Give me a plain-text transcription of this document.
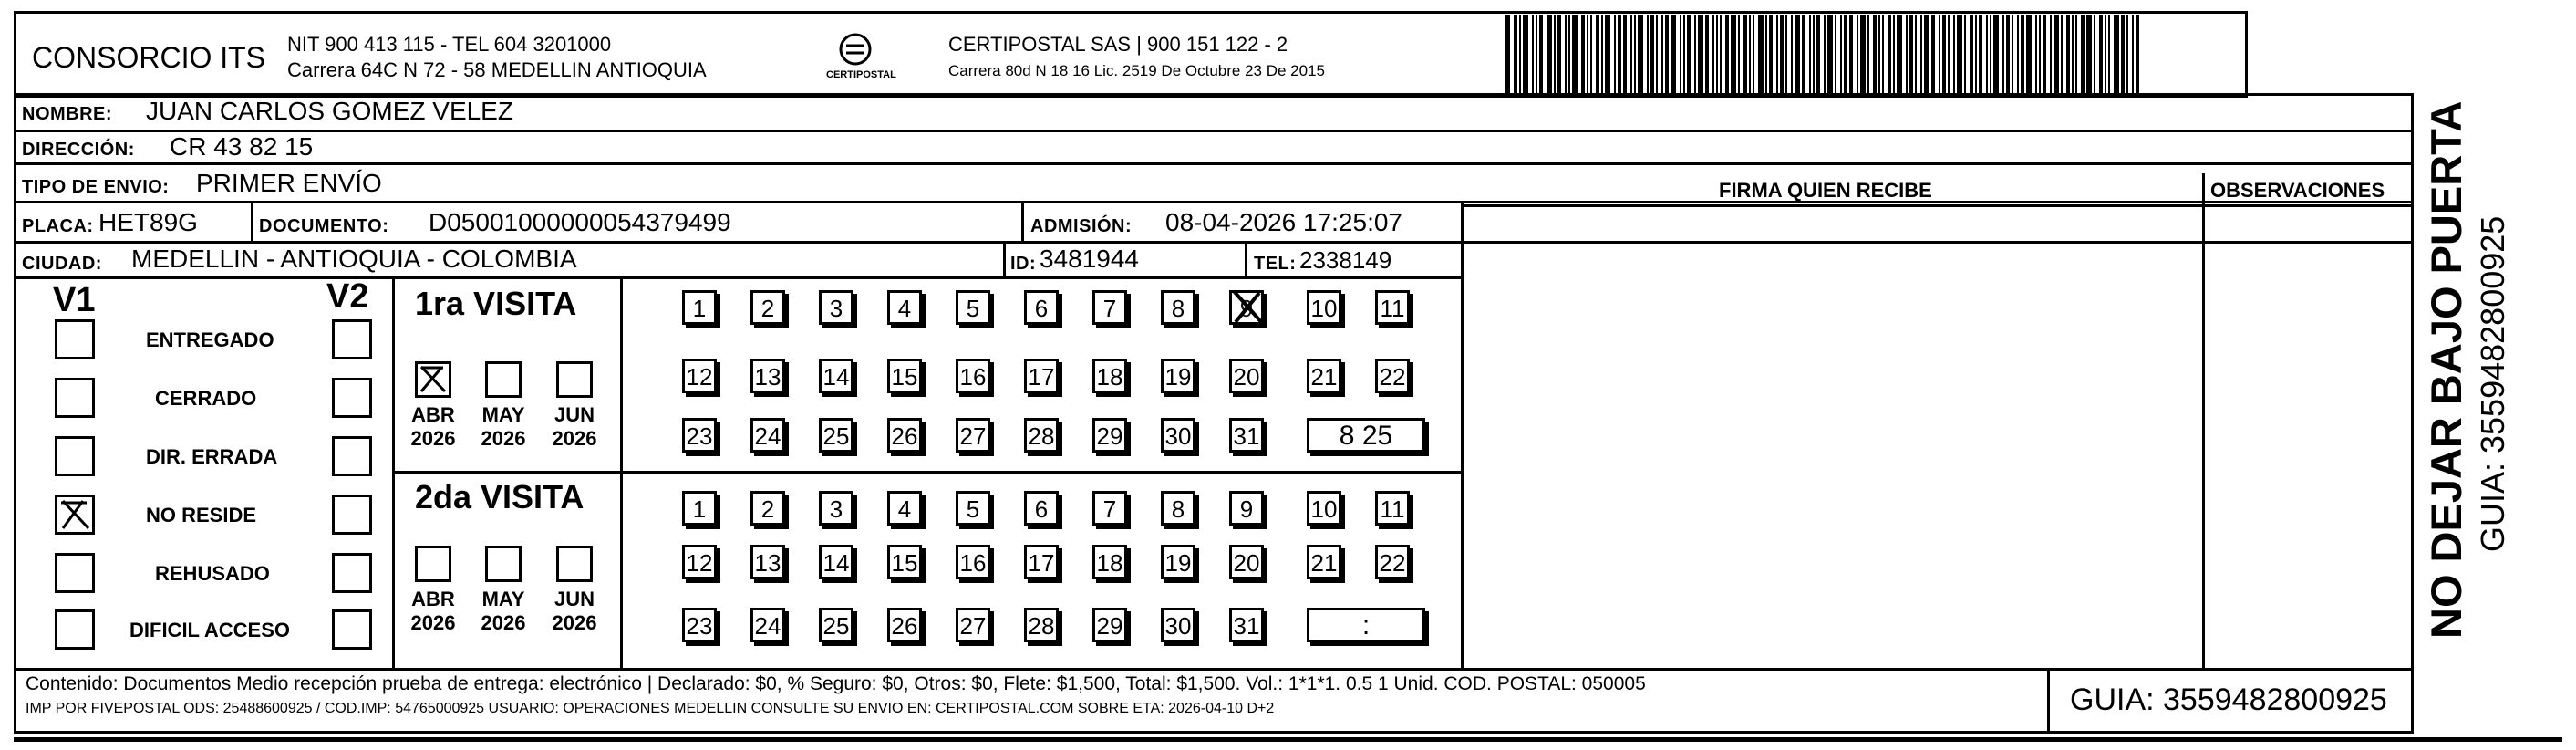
CONSORCIO ITS NIT 900 413 115 - TEL 604 3201000
Carrera 64C N 72 - 58 MEDELLIN ANTIOQUIA	CERTIPOSTAL
CERTIPOSTAL SAS | 900 151 122 - 2
Carrera 80d N 18 16 Lic. 2519 De Octubre 23 De 2015
NOMBRE: JUAN CARLOS GOMEZ VELEZ
DIRECCIÓN: CR 43 82 15
TIPO DE ENVIO: PRIMER ENVÍO
PLACA: HET89G	DOCUMENTO: D05001000000054379499	ADMISIÓN: 08-04-2026 17:25:07
CIUDAD: MEDELLIN - ANTIOQUIA - COLOMBIA	ID: 3481944	TEL: 2338149
FIRMA QUIEN RECIBE	OBSERVACIONES
V1	V2
ENTREGADO
CERRADO
DIR. ERRADA
NO RESIDE
REHUSADO
DIFICIL ACCESO
1ra VISITA
ABR
2026
MAY
2026
JUN
2026
1	2	3	4	5	6	7	8	9	10 11
12 13 14 15 16 17 18 19 20 21 22
23 24 25 26 27 28 29 30 31	8 25
2da VISITA
ABR
2026
MAY
2026
JUN
2026
1	2	3	4	5	6	7	8	9	10 11
12 13 14 15 16 17 18 19 20 21 22
23 24 25 26 27 28 29 30 31	:
Contenido: Documentos Medio recepción prueba de entrega: electrónico | Declarado: $0, % Seguro: $0, Otros: $0, Flete: $1,500, Total: $1,500. Vol.: 1*1*1. 0.5 1 Unid. COD. POSTAL: 050005
IMP POR FIVEPOSTAL ODS: 25488600925 / COD.IMP: 54765000925 USUARIO: OPERACIONES MEDELLIN CONSULTE SU ENVIO EN: CERTIPOSTAL.COM SOBRE ETA: 2026-04-10 D+2	GUIA: 3559482800925
NO DEJAR BAJO PUERTA GUIA: 3559482800925
